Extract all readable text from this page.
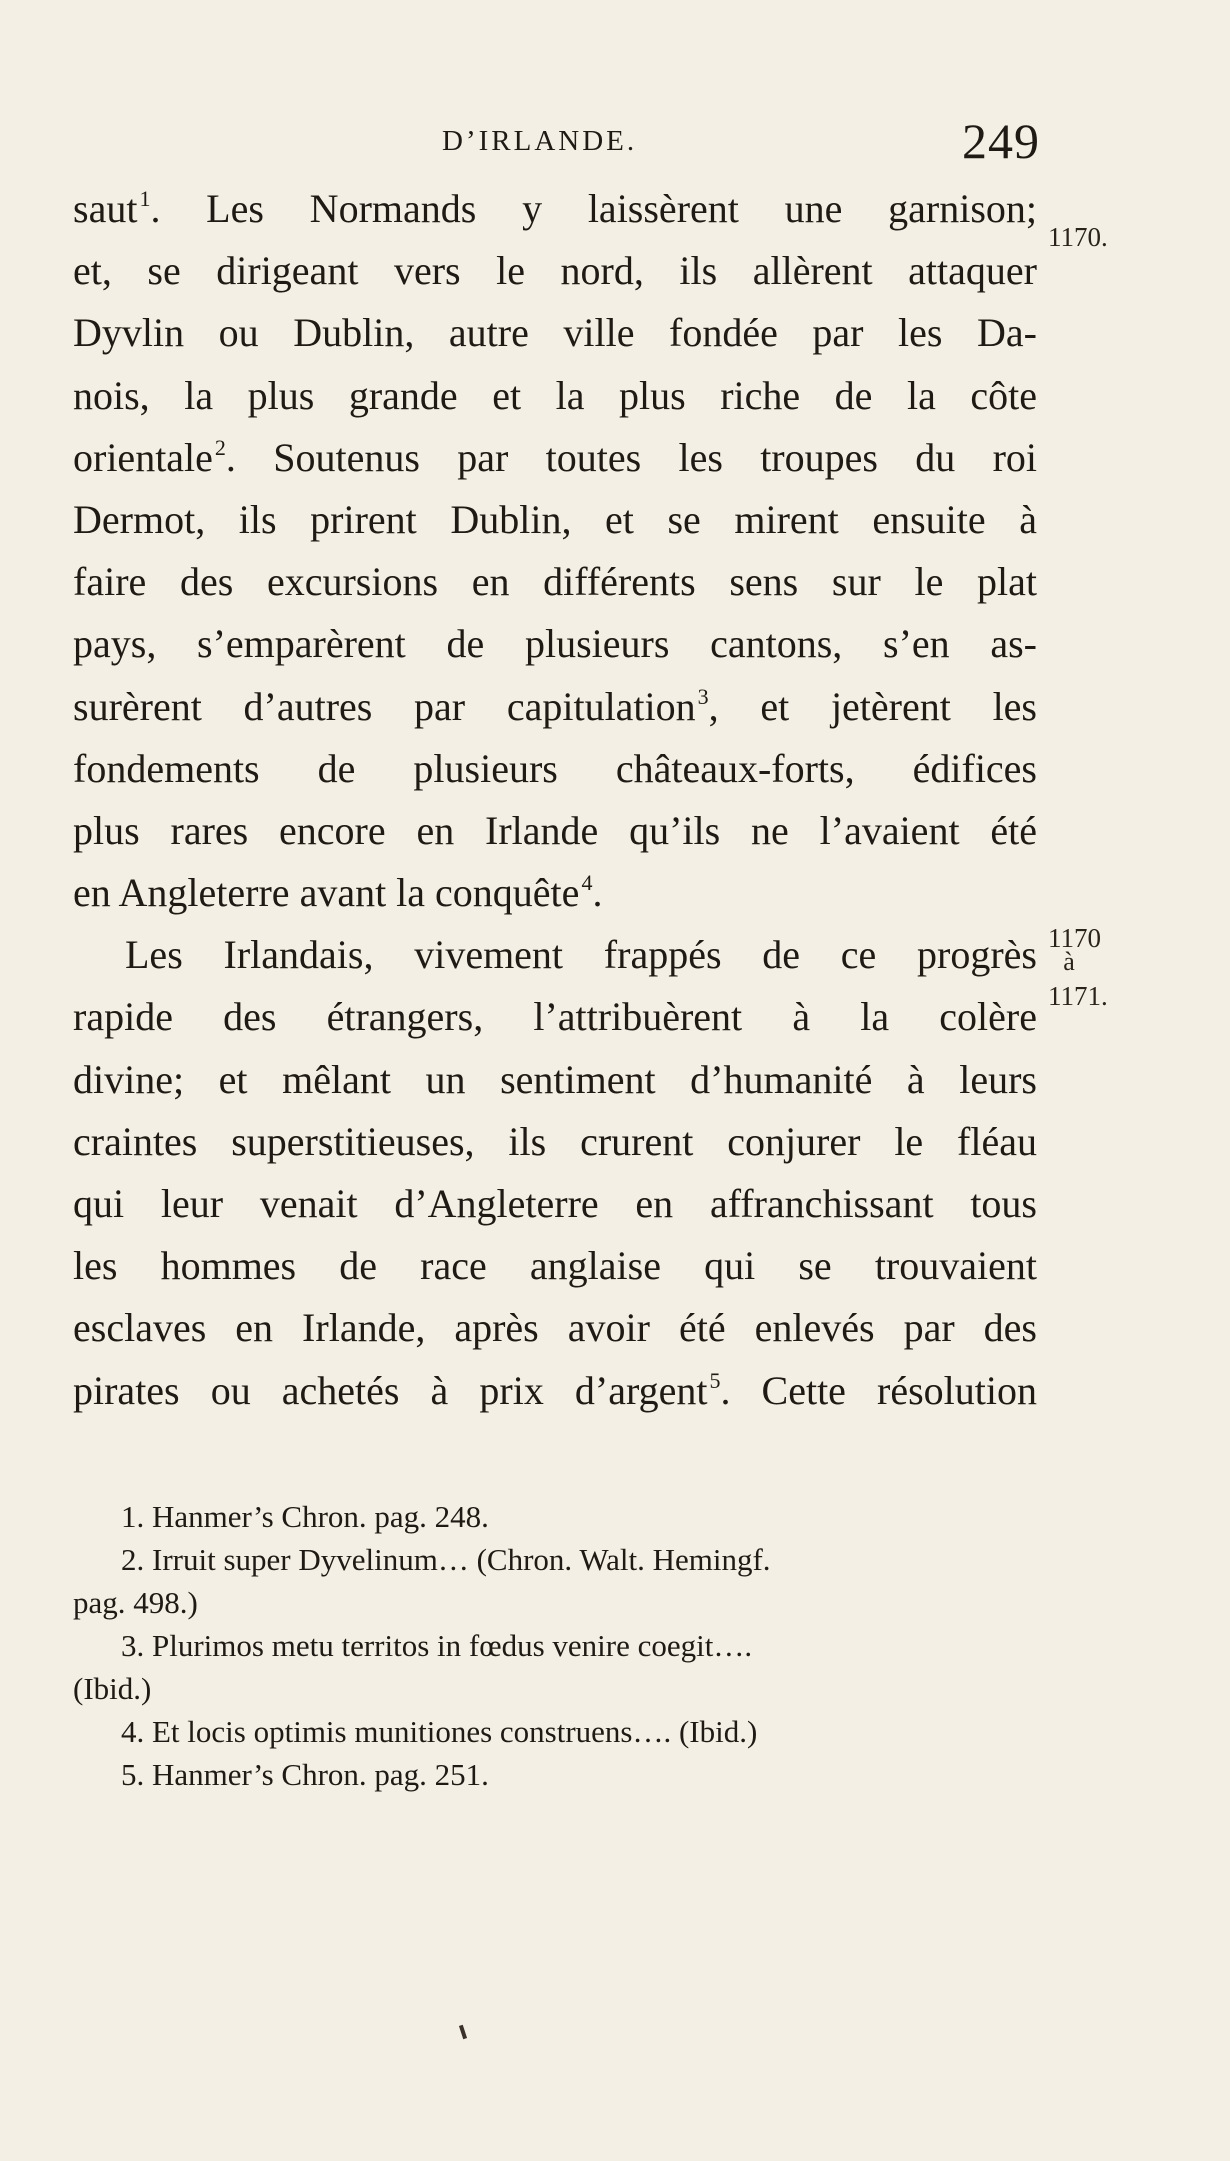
D’IRLANDE.	249
1170.
1170
à
1171.
saut$^1$. Les Normands y laissèrent une garnison;
et, se dirigeant vers le nord, ils allèrent attaquer
Dyvlin ou Dublin, autre ville fondée par les Da-
nois, la plus grande et la plus riche de la côte
orientale$^2$. Soutenus par toutes les troupes du roi
Dermot, ils prirent Dublin, et se mirent ensuite à
faire des excursions en différents sens sur le plat
pays, s’emparèrent de plusieurs cantons, s’en as-
surèrent d’autres par capitulation$^3$, et jetèrent les
fondements de plusieurs châteaux-forts, édifices
plus rares encore en Irlande qu’ils ne l’avaient été
en Angleterre avant la conquête$^4$.
Les Irlandais, vivement frappés de ce progrès
rapide des étrangers, l’attribuèrent à la colère
divine; et mêlant un sentiment d’humanité à leurs
craintes superstitieuses, ils crurent conjurer le fléau
qui leur venait d’Angleterre en affranchissant tous
les hommes de race anglaise qui se trouvaient
esclaves en Irlande, après avoir été enlevés par des
pirates ou achetés à prix d’argent$^5$. Cette résolution
1. Hanmer’s Chron. pag. 248.
2. Irruit super Dyvelinum… (Chron. Walt. Hemingf.
pag. 498.)
3. Plurimos metu territos in fœdus venire coegit….
(Ibid.)
4. Et locis optimis munitiones construens…. (Ibid.)
5. Hanmer’s Chron. pag. 251.
